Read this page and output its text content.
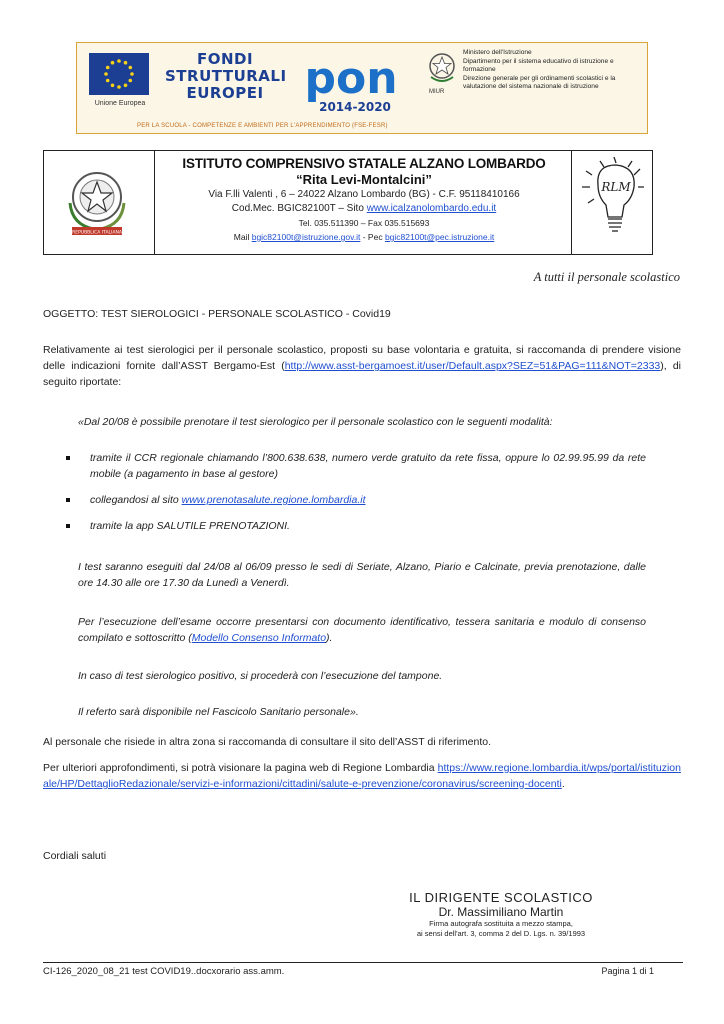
Unione Europea
FONDI
STRUTTURALI
EUROPEI pon
2014-2020
MIUR
Ministero dell'Istruzione
Dipartimento per il sistema educativo di istruzione e
formazione
Direzione generale per gli ordinamenti scolastici e la
valutazione del sistema nazionale di istruzione
PER LA SCUOLA - COMPETENZE E AMBIENTI PER L'APPRENDIMENTO (FSE-FESR)
REPUBBLICA ITALIANA
ISTITUTO COMPRENSIVO STATALE ALZANO LOMBARDO
“Rita Levi-Montalcini”
Via F.lli Valenti , 6 – 24022 Alzano Lombardo (BG) - C.F. 95118410166
Cod.Mec. BGIC82100T – Sito www.icalzanolombardo.edu.it
Tel. 035.511390 – Fax 035.515693
Mail bgic82100t@istruzione.gov.it - Pec bgic82100t@pec.istruzione.it
RLM
A tutti il personale scolastico
OGGETTO: TEST SIEROLOGICI - PERSONALE SCOLASTICO - Covid19
Relativamente ai test sierologici per il personale scolastico, proposti su base volontaria e gratuita, si raccomanda di prendere visione delle indicazioni fornite dall’ASST Bergamo-Est (http://www.asst-bergamoest.it/user/Default.aspx?SEZ=51&PAG=111&NOT=2333), di seguito riportate:
«Dal 20/08 è possibile prenotare il test sierologico per il personale scolastico con le seguenti modalità:
tramite il CCR regionale chiamando l’800.638.638, numero verde gratuito da rete fissa, oppure lo 02.99.95.99 da rete mobile (a pagamento in base al gestore)
collegandosi al sito www.prenotasalute.regione.lombardia.it
tramite la app SALUTILE PRENOTAZIONI.
I test saranno eseguiti dal 24/08 al 06/09 presso le sedi di Seriate, Alzano, Piario e Calcinate, previa prenotazione, dalle ore 14.30 alle ore 17.30 da Lunedì a Venerdì.
Per l’esecuzione dell’esame occorre presentarsi con documento identificativo, tessera sanitaria e modulo di consenso compilato e sottoscritto (Modello Consenso Informato).
In caso di test sierologico positivo, si procederà con l’esecuzione del tampone.
Il referto sarà disponibile nel Fascicolo Sanitario personale».
Al personale che risiede in altra zona si raccomanda di consultare il sito dell’ASST di riferimento.
Per ulteriori approfondimenti, si potrà visionare la pagina web di Regione Lombardia https://www.regione.lombardia.it/wps/portal/istituzionale/HP/DettaglioRedazionale/servizi-e-informazioni/cittadini/salute-e-prevenzione/coronavirus/screening-docenti.
Cordiali saluti
IL DIRIGENTE SCOLASTICO
Dr. Massimiliano Martin
Firma autografa sostituita a mezzo stampa,
ai sensi dell'art. 3, comma 2 del D. Lgs. n. 39/1993
CI-126_2020_08_21 test COVID19..docxorario ass.amm.	Pagina 1 di 1
